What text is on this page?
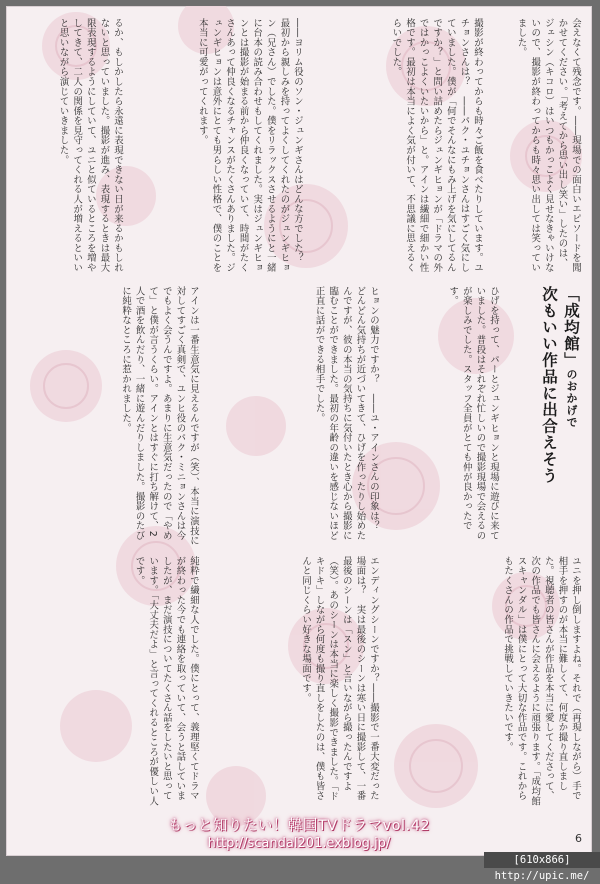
るか、もしかしたら永遠に表現できない日が来るかもしれないと思っていました。撮影が進み、表現するときは最大限表現するようにしていて、ユニと似ているところを増やしてきて、二人の関係を見守ってくれる人が増えるといいと思いながら演じていきました。	――ヨリム役のソン・ジュンギさんはどんな方でした？　最初から親しみを持ってよくしてくれたのがジュンギヒョン（兄さん）でした。僕をリラックスさせるようにと一緒に台本の読み合わせもしてくれました。実はジュンギヒョンとは撮影が始まる前から仲良くなっていて、時間がたくさんあって仲良くなるチャンスがたくさんありました。ジュンギヒョンは意外にとても男らしい性格で、僕のことを本当に可愛がってくれます。	撮影が終わってからも時々ご飯を食べたりしています。ユチョンさんは？　――パク・ユチョンさんはすごく気にしていました。僕が「何でそんなにもみ上げを気にしてるんですか？」と問い詰めたらジュンギヒョンが「ドラマの外ではかっこよくいたいから」と。アインは繊細で細かい性格です。最初は本当によく気が付いて、不思議に思えるくらいでした。	会えなくて残念です。――現場での面白いエピソードを聞かせてください。「考えてから思い出し笑い」したのは、ジェシン（キコロ）はいつもかっこよく見せなきゃいけないので、撮影が終わってからも時々思い出しては笑っていました。
アインは一番生意気に見えるんですが（笑）、本当に演技に対してすごく真剣で、ユンヒ役のパク・ミニョンさんは今でもよく会うんですよ。あまりに生意気だったので「やめて」と僕が言うくらい。アインとはすぐに打ち解けて、2人で酒を飲んだり、一緒に遊んだりしました。撮影のたびに純粋なところに惹かれました。	ヒョンの魅力ですか？　――ユ・アインさんの印象は？　どんどん気持ちが近づいてきて、ひげを作ったりし始めたんですが、彼の本当の気持ちに気付いたとき心から撮影に臨むことができました。最初の年齢の違いを感じないほど正直に話ができる相手でした。	ひげを持って、パーとジュンギヒョンと現場に遊びに来ていました。普段はそれぞれ忙しいので撮影現場で会えるのが楽しみでした。スタッフ全員がとても仲が良かったです。	「成均館」のおかげで
次もいい作品に出合えそう
純粋で繊細な人でした。僕にとって、義理堅くてドラマが終わった今でも連絡を取っていて、会うと話していましたが、まだ演技についてたくさん話をしたいと思っています。「大丈夫だよ」と言ってくれるところが優しい人です。	エンディングシーンですか？――撮影で一番大変だった場面は？　実は最後のシーンは寒い日に撮影して、一番最後のシーンは「スン」と言いながら撮ったんですよ（笑）。あのシーンは本当に楽しく撮影できました。「ドキドキ」しながら何度も撮り直しをしたのは、僕も皆さんと同じくらい好きな場面です。	ユニを押し倒しますよね。それで（再現しながら）手で相手を押すのが本当に難しくて、何度か撮り直しました。視聴者の皆さんが作品を本当に愛してくださって、次の作品でも皆さんに会えるように頑張ります。「成均館スキャンダル」は僕にとって大切な作品です。これからもたくさんの作品で挑戦していきたいです。
もっと知りたい！韓国TVドラマvol.42
http://scandal201.exblog.jp/	6
[610x866] http://upic.me/
